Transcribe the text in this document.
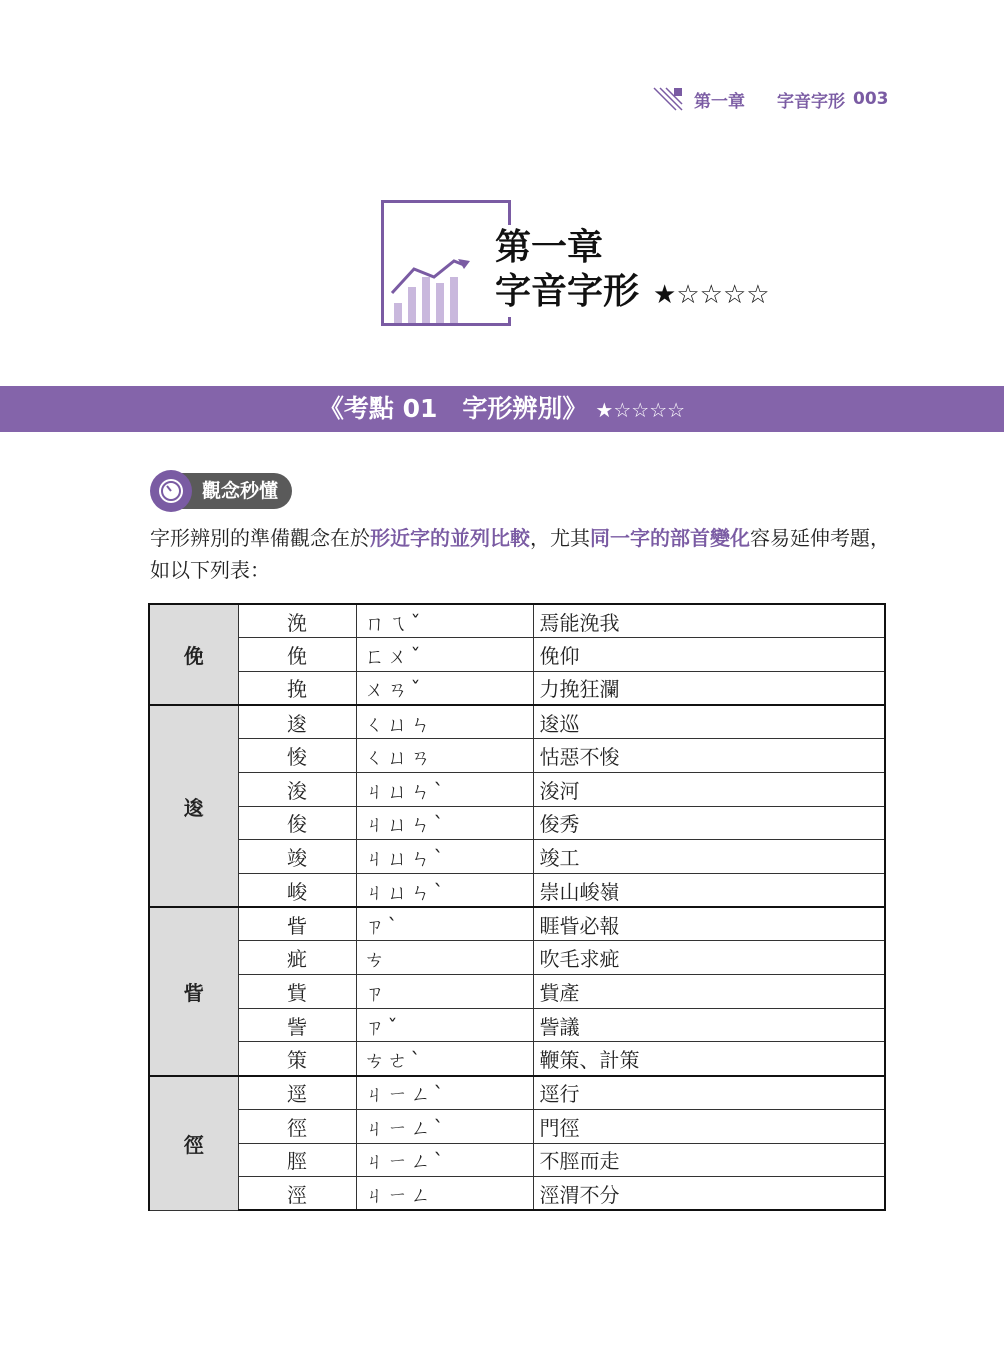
第一章 字音字形 003
第一章
字音字形 ★☆☆☆☆
《考點 01　字形辨別》 ★☆☆☆☆
觀念秒懂
字形辨別的準備觀念在於形近字的並列比較，尤其同一字的部首變化容易延伸考題，如以下列表：
俛	浼	ㄇㄟˇ	焉能浼我
	俛	ㄈㄨˇ	俛仰
	挽	ㄨㄢˇ	力挽狂瀾
逡	逡	ㄑㄩㄣ	逡巡
	悛	ㄑㄩㄢ	怙惡不悛
	浚	ㄐㄩㄣˋ	浚河
	俊	ㄐㄩㄣˋ	俊秀
	竣	ㄐㄩㄣˋ	竣工
	峻	ㄐㄩㄣˋ	崇山峻嶺
眥	眥	ㄗˋ	睚眥必報
	疵	ㄘ	吹毛求疵
	貲	ㄗ	貲產
	訾	ㄗˇ	訾議
	策	ㄘㄜˋ	鞭策、計策
徑	逕	ㄐㄧㄥˋ	逕行
	徑	ㄐㄧㄥˋ	門徑
	脛	ㄐㄧㄥˋ	不脛而走
	涇	ㄐㄧㄥ	涇渭不分
